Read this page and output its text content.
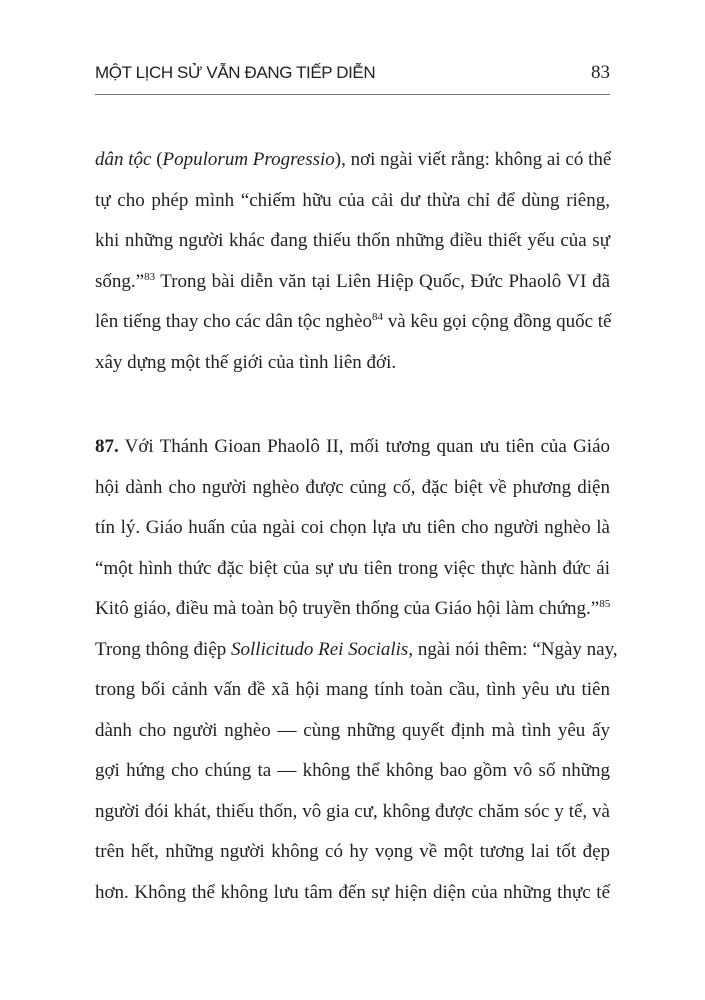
MỘT LỊCH SỬ VẪN ĐANG TIẾP DIỄN	83
dân tộc (Populorum Progressio), nơi ngài viết rằng: không ai có thể
tự cho phép mình “chiếm hữu của cải dư thừa chỉ để dùng riêng,
khi những người khác đang thiếu thốn những điều thiết yếu của sự
sống.”$^{83}$ Trong bài diễn văn tại Liên Hiệp Quốc, Đức Phaolô VI đã
lên tiếng thay cho các dân tộc nghèo$^{84}$ và kêu gọi cộng đồng quốc tế
xây dựng một thế giới của tình liên đới.
87. Với Thánh Gioan Phaolô II, mối tương quan ưu tiên của Giáo
hội dành cho người nghèo được củng cố, đặc biệt về phương diện
tín lý. Giáo huấn của ngài coi chọn lựa ưu tiên cho người nghèo là
“một hình thức đặc biệt của sự ưu tiên trong việc thực hành đức ái
Kitô giáo, điều mà toàn bộ truyền thống của Giáo hội làm chứng.”$^{85}$
Trong thông điệp Sollicitudo Rei Socialis, ngài nói thêm: “Ngày nay,
trong bối cảnh vấn đề xã hội mang tính toàn cầu, tình yêu ưu tiên
dành cho người nghèo — cùng những quyết định mà tình yêu ấy
gợi hứng cho chúng ta — không thể không bao gồm vô số những
người đói khát, thiếu thốn, vô gia cư, không được chăm sóc y tế, và
trên hết, những người không có hy vọng về một tương lai tốt đẹp
hơn. Không thể không lưu tâm đến sự hiện diện của những thực tế
